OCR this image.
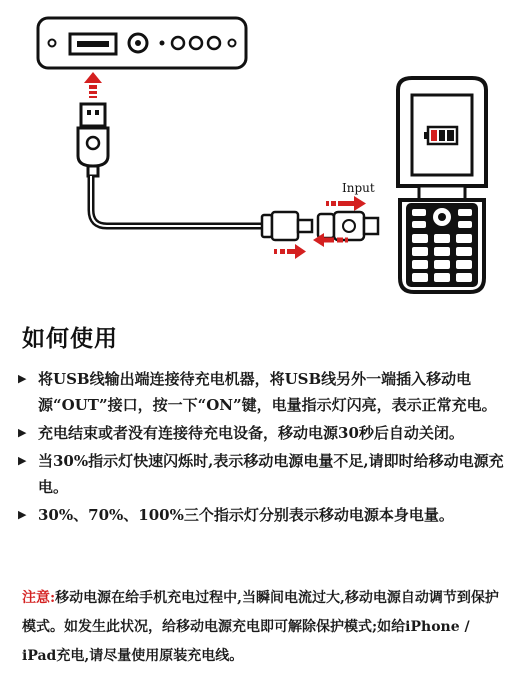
Input
如何使用
▶ 将USB线输出端连接待充电机器，将USB线另外一端插入移动电源“OUT”接口，按一下“ON”键，电量指示灯闪亮，表示正常充电。
▶ 充电结束或者没有连接待充电设备，移动电源30秒后自动关闭。
▶ 当30%指示灯快速闪烁时,表示移动电源电量不足,请即时给移动电源充电。
▶ 30%、70%、100%三个指示灯分别表示移动电源本身电量。
注意:移动电源在给手机充电过程中,当瞬间电流过大,移动电源自动调节到保护模式。如发生此状况，给移动电源充电即可解除保护模式;如给iPhone / iPad充电,请尽量使用原装充电线。
